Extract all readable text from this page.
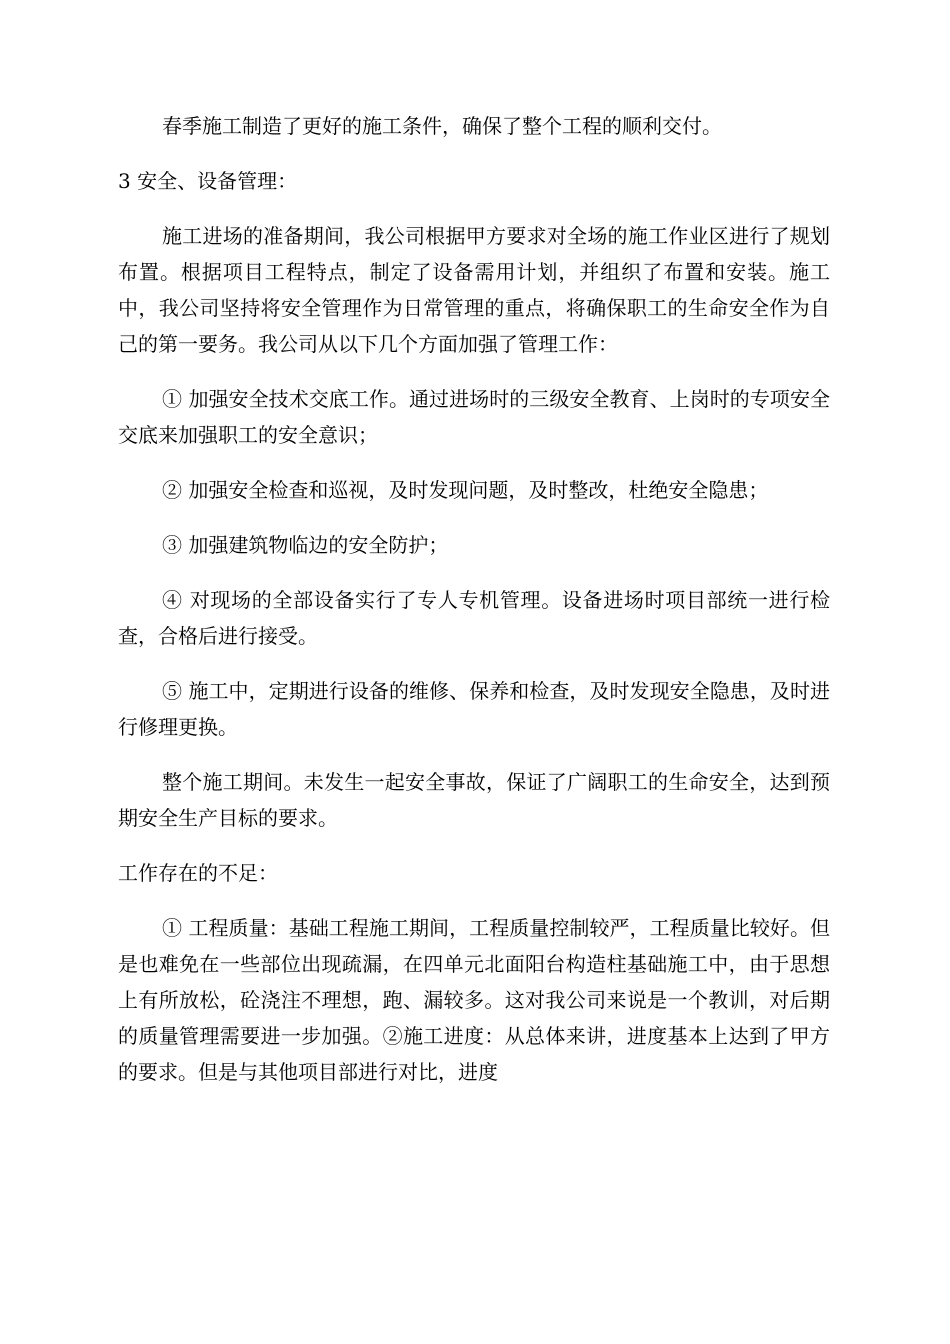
春季施工制造了更好的施工条件，确保了整个工程的顺利交付。

3 安全、设备管理：

施工进场的准备期间，我公司根据甲方要求对全场的施工作业区进行了规划布置。根据项目工程特点，制定了设备需用计划，并组织了布置和安装。施工中，我公司坚持将安全管理作为日常管理的重点，将确保职工的生命安全作为自己的第一要务。我公司从以下几个方面加强了管理工作：

① 加强安全技术交底工作。通过进场时的三级安全教育、上岗时的专项安全交底来加强职工的安全意识；

② 加强安全检查和巡视，及时发现问题，及时整改，杜绝安全隐患；

③ 加强建筑物临边的安全防护；

④ 对现场的全部设备实行了专人专机管理。设备进场时项目部统一进行检查，合格后进行接受。

⑤ 施工中，定期进行设备的维修、保养和检查，及时发现安全隐患，及时进行修理更换。

整个施工期间。未发生一起安全事故，保证了广阔职工的生命安全，达到预期安全生产目标的要求。

工作存在的不足：

① 工程质量：基础工程施工期间，工程质量控制较严，工程质量比较好。但是也难免在一些部位出现疏漏，在四单元北面阳台构造柱基础施工中，由于思想上有所放松，砼浇注不理想，跑、漏较多。这对我公司来说是一个教训，对后期的质量管理需要进一步加强。②施工进度：从总体来讲，进度基本上达到了甲方的要求。但是与其他项目部进行对比，进度
